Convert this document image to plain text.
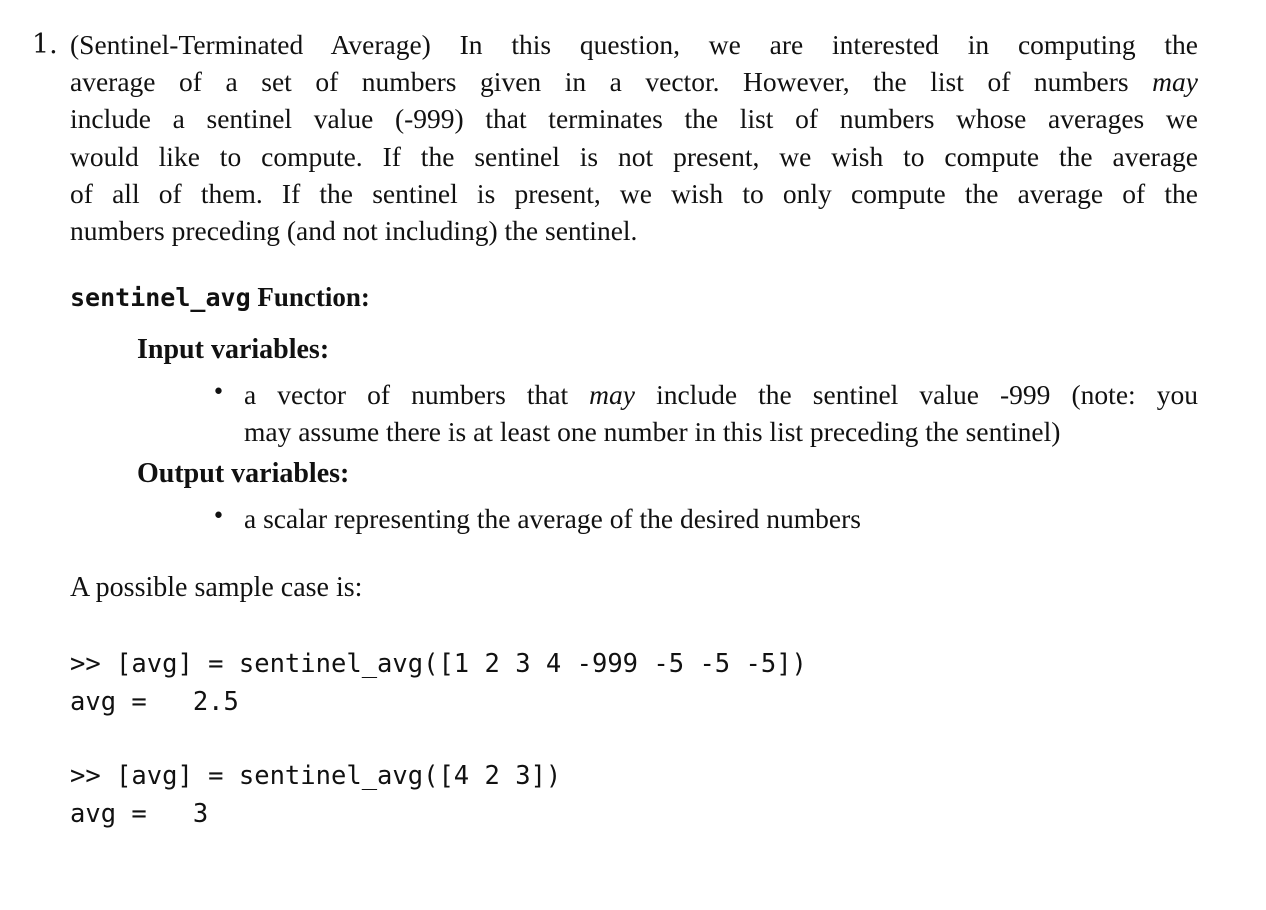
1. (Sentinel-Terminated Average) In this question, we are interested in computing the
average of a set of numbers given in a vector. However, the list of numbers may
include a sentinel value (-999) that terminates the list of numbers whose averages we
would like to compute. If the sentinel is not present, we wish to compute the average
of all of them. If the sentinel is present, we wish to only compute the average of the
numbers preceding (and not including) the sentinel.
sentinel_avg Function:
Input variables:
• a vector of numbers that may include the sentinel value -999 (note: you
may assume there is at least one number in this list preceding the sentinel)
Output variables:
• a scalar representing the average of the desired numbers
A possible sample case is:
>> [avg] = sentinel_avg([1 2 3 4 -999 -5 -5 -5])
avg =   2.5
>> [avg] = sentinel_avg([4 2 3])
avg =   3
